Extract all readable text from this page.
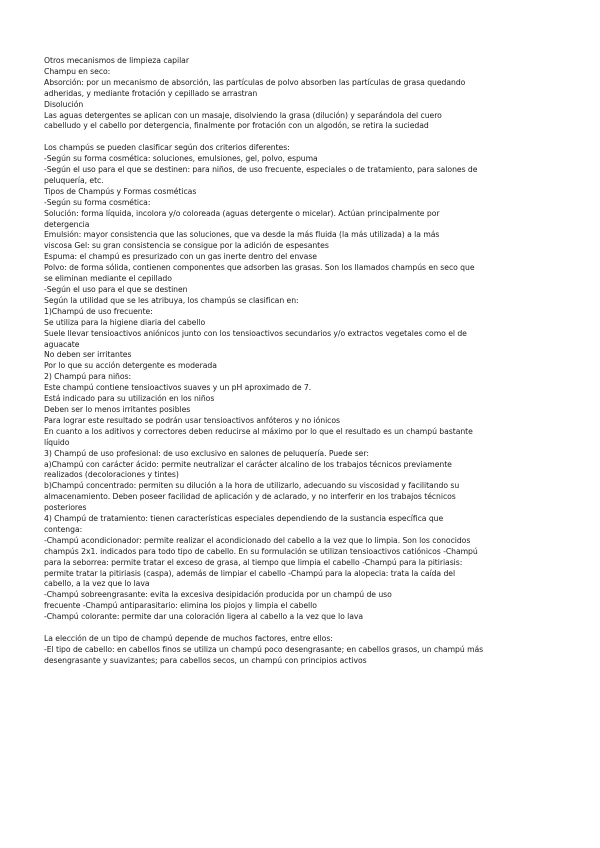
Otros mecanismos de limpieza capilar
Champu en seco:
Absorción: por un mecanismo de absorción, las partículas de polvo absorben las partículas de grasa quedando
adheridas, y mediante frotación y cepillado se arrastran
Disolución
Las aguas detergentes se aplican con un masaje, disolviendo la grasa (dilución) y separándola del cuero
cabelludo y el cabello por detergencia, finalmente por frotación con un algodón, se retira la suciedad
Los champús se pueden clasificar según dos criterios diferentes:
-Según su forma cosmética: soluciones, emulsiones, gel, polvo, espuma
-Según el uso para el que se destinen: para niños, de uso frecuente, especiales o de tratamiento, para salones de
peluquería, etc.
Tipos de Champús y Formas cosméticas
-Según su forma cosmética:
Solución: forma líquida, incolora y/o coloreada (aguas detergente o micelar). Actúan principalmente por
detergencia
Emulsión: mayor consistencia que las soluciones, que va desde la más fluida (la más utilizada) a la más
viscosa Gel: su gran consistencia se consigue por la adición de espesantes
Espuma: el champú es presurizado con un gas inerte dentro del envase
Polvo: de forma sólida, contienen componentes que adsorben las grasas. Son los llamados champús en seco que
se eliminan mediante el cepillado
-Según el uso para el que se destinen
Según la utilidad que se les atribuya, los champús se clasifican en:
1)Champú de uso frecuente:
Se utiliza para la higiene diaria del cabello
Suele llevar tensioactivos aniónicos junto con los tensioactivos secundarios y/o extractos vegetales como el de
aguacate
No deben ser irritantes
Por lo que su acción detergente es moderada
2) Champú para niños:
Este champú contiene tensioactivos suaves y un pH aproximado de 7.
Está indicado para su utilización en los niños
Deben ser lo menos irritantes posibles
Para lograr este resultado se podrán usar tensioactivos anfóteros y no iónicos
En cuanto a los aditivos y correctores deben reducirse al máximo por lo que el resultado es un champú bastante
líquido
3) Champú de uso profesional: de uso exclusivo en salones de peluquería. Puede ser:
a)Champú con carácter ácido: permite neutralizar el carácter alcalino de los trabajos técnicos previamente
realizados (decoloraciones y tintes)
b)Champú concentrado: permiten su dilución a la hora de utilizarlo, adecuando su viscosidad y facilitando su
almacenamiento. Deben poseer facilidad de aplicación y de aclarado, y no interferir en los trabajos técnicos
posteriores
4) Champú de tratamiento: tienen características especiales dependiendo de la sustancia específica que
contenga:
-Champú acondicionador: permite realizar el acondicionado del cabello a la vez que lo limpia. Son los conocidos
champús 2x1. indicados para todo tipo de cabello. En su formulación se utilizan tensioactivos catiónicos -Champú
para la seborrea: permite tratar el exceso de grasa, al tiempo que limpia el cabello -Champú para la pitiriasis:
permite tratar la pitiriasis (caspa), además de limpiar el cabello -Champú para la alopecia: trata la caída del
cabello, a la vez que lo lava
-Champú sobreengrasante: evita la excesiva desipidación producida por un champú de uso
frecuente -Champú antiparasitario: elimina los piojos y limpia el cabello
-Champú colorante: permite dar una coloración ligera al cabello a la vez que lo lava
La elección de un tipo de champú depende de muchos factores, entre ellos:
-El tipo de cabello: en cabellos finos se utiliza un champú poco desengrasante; en cabellos grasos, un champú más
desengrasante y suavizantes; para cabellos secos, un champú con principios activos
